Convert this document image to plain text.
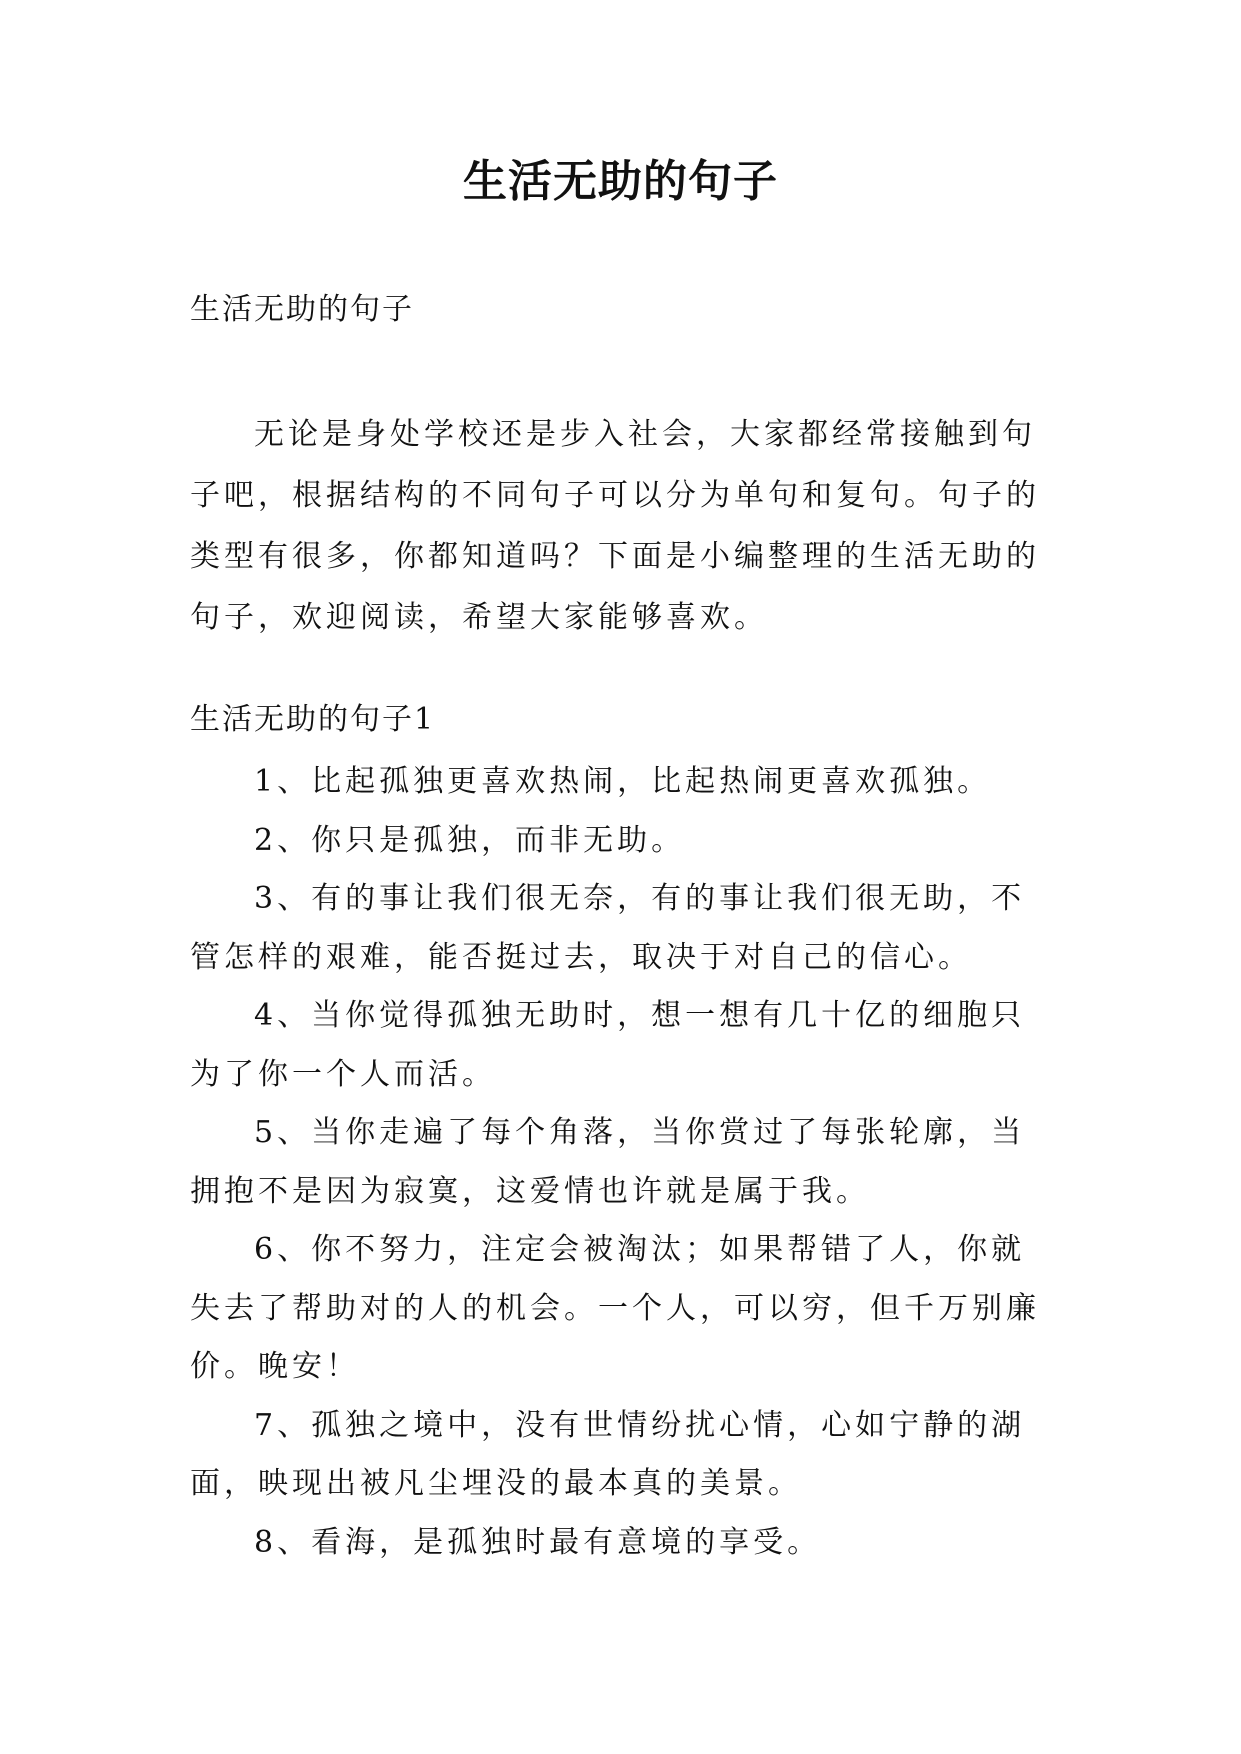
生活无助的句子

生活无助的句子

无论是身处学校还是步入社会，大家都经常接触到句子吧，根据结构的不同句子可以分为单句和复句。句子的类型有很多，你都知道吗？下面是小编整理的生活无助的句子，欢迎阅读，希望大家能够喜欢。

生活无助的句子1

1、比起孤独更喜欢热闹，比起热闹更喜欢孤独。

2、你只是孤独，而非无助。

3、有的事让我们很无奈，有的事让我们很无助，不管怎样的艰难，能否挺过去，取决于对自己的信心。

4、当你觉得孤独无助时，想一想有几十亿的细胞只为了你一个人而活。

5、当你走遍了每个角落，当你赏过了每张轮廓，当拥抱不是因为寂寞，这爱情也许就是属于我。

6、你不努力，注定会被淘汰；如果帮错了人，你就失去了帮助对的人的机会。一个人，可以穷，但千万别廉价。晚安！

7、孤独之境中，没有世情纷扰心情，心如宁静的湖面，映现出被凡尘埋没的最本真的美景。

8、看海，是孤独时最有意境的享受。
